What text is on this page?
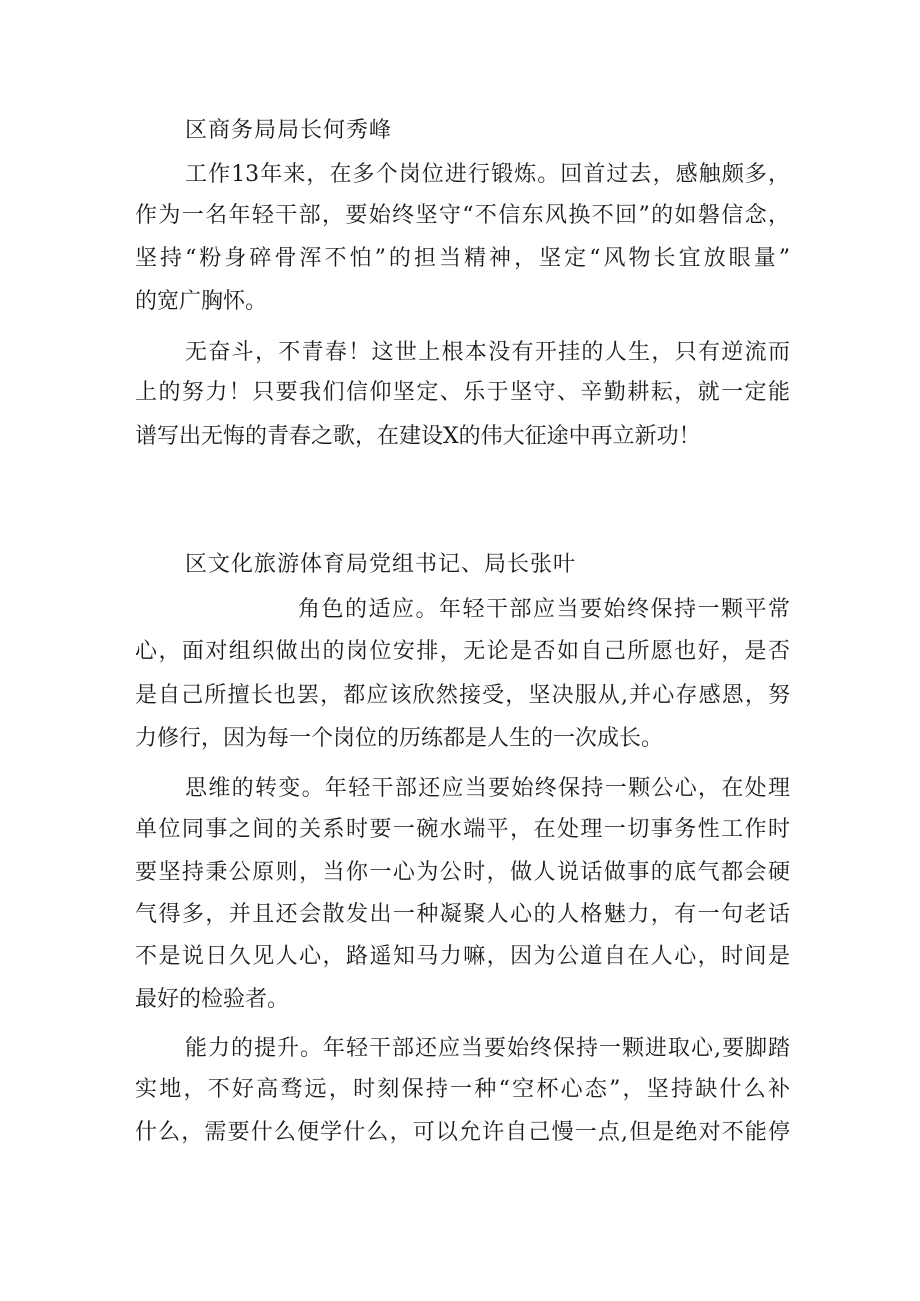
区商务局局长何秀峰
工作13年来，在多个岗位进行锻炼。回首过去，感触颇多，
作为一名年轻干部，要始终坚守“不信东风换不回”的如磐信念，
坚持“粉身碎骨浑不怕”的担当精神，坚定“风物长宜放眼量”
的宽广胸怀。
无奋斗，不青春！这世上根本没有开挂的人生，只有逆流而
上的努力！只要我们信仰坚定、乐于坚守、辛勤耕耘，就一定能
谱写出无悔的青春之歌，在建设X的伟大征途中再立新功！
区文化旅游体育局党组书记、局长张叶
角色的适应。年轻干部应当要始终保持一颗平常
心，面对组织做出的岗位安排，无论是否如自己所愿也好，是否
是自己所擅长也罢，都应该欣然接受，坚决服从,并心存感恩，努
力修行，因为每一个岗位的历练都是人生的一次成长。
思维的转变。年轻干部还应当要始终保持一颗公心，在处理
单位同事之间的关系时要一碗水端平，在处理一切事务性工作时
要坚持秉公原则，当你一心为公时，做人说话做事的底气都会硬
气得多，并且还会散发出一种凝聚人心的人格魅力，有一句老话
不是说日久见人心，路遥知马力嘛，因为公道自在人心，时间是
最好的检验者。
能力的提升。年轻干部还应当要始终保持一颗进取心,要脚踏
实地，不好高骛远，时刻保持一种“空杯心态”，坚持缺什么补
什么，需要什么便学什么，可以允许自己慢一点,但是绝对不能停
